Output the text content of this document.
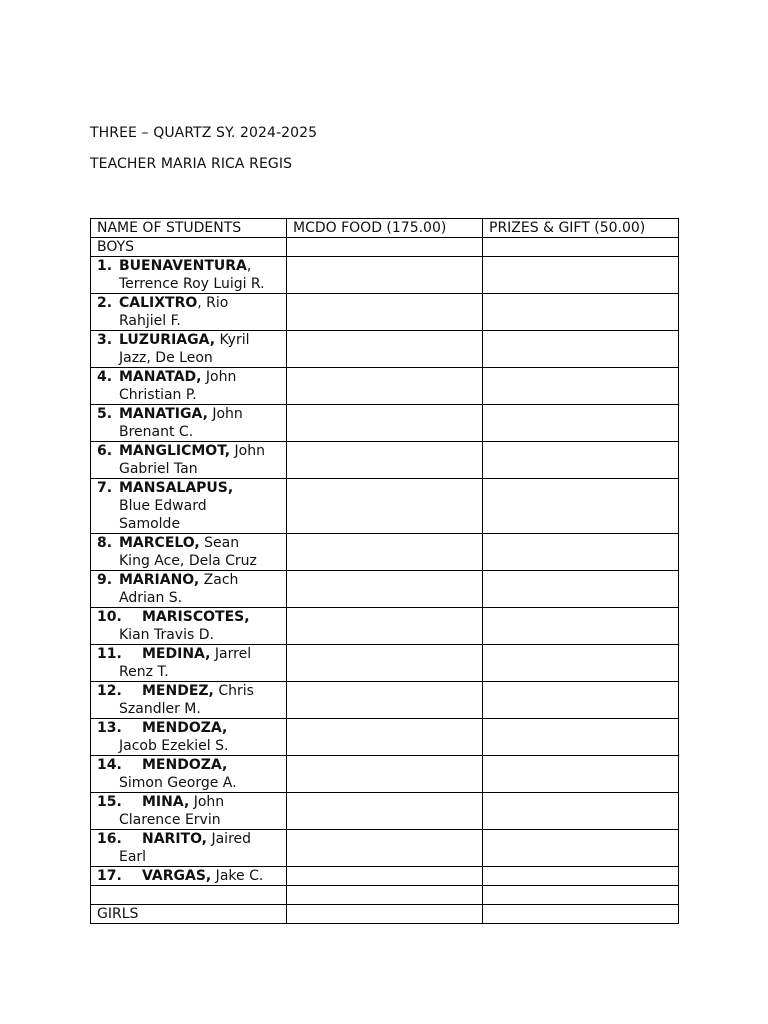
THREE – QUARTZ SY. 2024-2025
TEACHER MARIA RICA REGIS
NAME OF STUDENTS	MCDO FOOD (175.00)	PRIZES & GIFT (50.00)
BOYS		

1. BUENAVENTURA,
Terrence Roy Luigi R.		

2. CALIXTRO, Rio
Rahjiel F.		

3. LUZURIAGA, Kyril
Jazz, De Leon		

4. MANATAD, John
Christian P.		

5. MANATIGA, John
Brenant C.		

6. MANGLICMOT, John
Gabriel Tan		

7. MANSALAPUS,
Blue Edward
Samolde		

8. MARCELO, Sean
King Ace, Dela Cruz		

9. MARIANO, Zach
Adrian S.		

10. MARISCOTES,
Kian Travis D.		

11. MEDINA, Jarrel
Renz T.		

12. MENDEZ, Chris
Szandler M.		

13. MENDOZA,
Jacob Ezekiel S.		

14. MENDOZA,
Simon George A.		

15. MINA, John
Clarence Ervin		

16. NARITO, Jaired
Earl		

17. VARGAS, Jake C.		

GIRLS		
